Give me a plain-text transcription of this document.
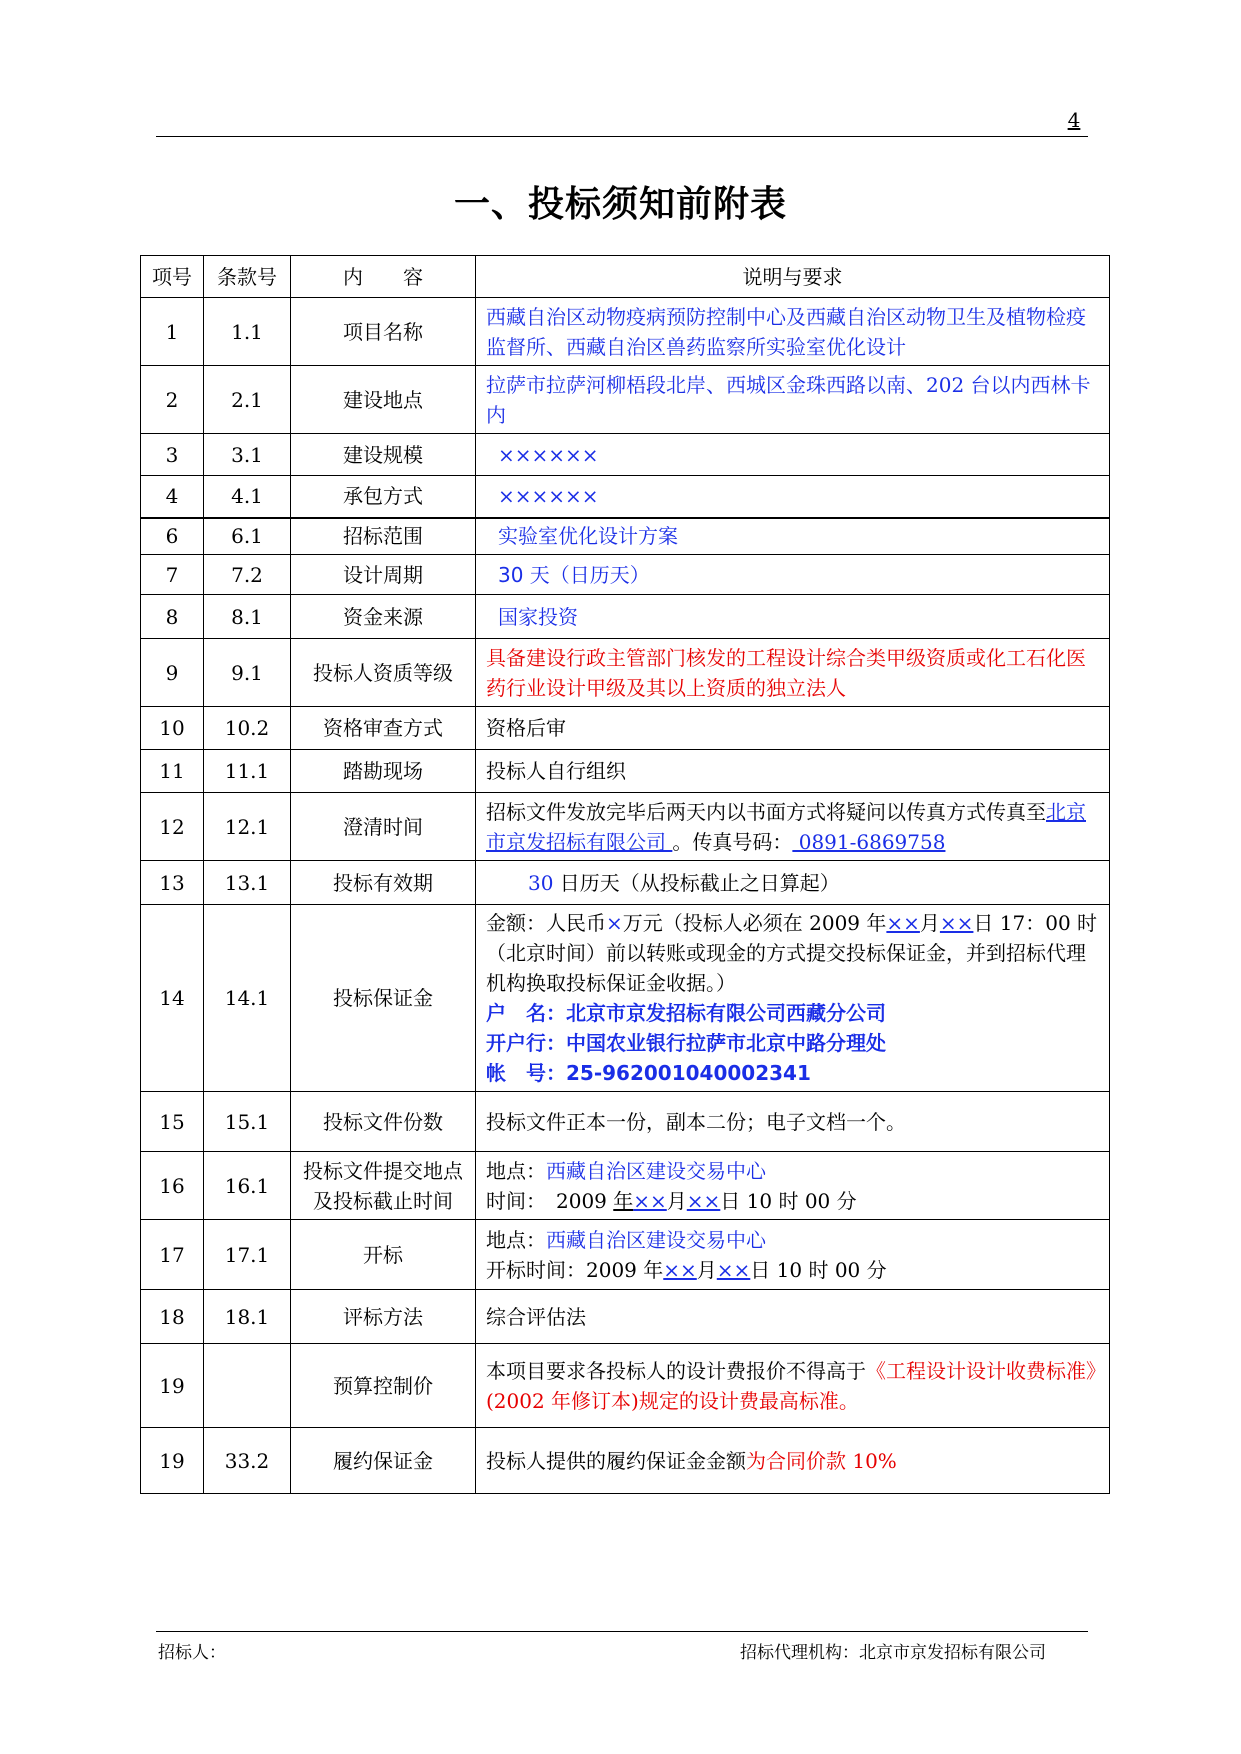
4
一、投标须知前附表
项号	条款号	内　　容	说明与要求
1	1.1	项目名称	西藏自治区动物疫病预防控制中心及西藏自治区动物卫生及植物检疫监督所、西藏自治区兽药监察所实验室优化设计
2	2.1	建设地点	拉萨市拉萨河柳梧段北岸、西城区金珠西路以南、202 台以内西林卡内
3	3.1	建设规模	××××××
4	4.1	承包方式	××××××
6	6.1	招标范围	实验室优化设计方案
7	7.2	设计周期	30 天（日历天）
8	8.1	资金来源	国家投资
9	9.1	投标人资质等级	具备建设行政主管部门核发的工程设计综合类甲级资质或化工石化医药行业设计甲级及其以上资质的独立法人
10	10.2	资格审查方式	资格后审
11	11.1	踏勘现场	投标人自行组织
12	12.1	澄清时间	招标文件发放完毕后两天内以书面方式将疑问以传真方式传真至北京市京发招标有限公司 。传真号码： 0891-6869758
13	13.1	投标有效期	30 日历天（从投标截止之日算起）
14	14.1	投标保证金	金额：人民币×万元（投标人必须在 2009 年××月××日 17：00 时（北京时间）前以转账或现金的方式提交投标保证金，并到招标代理机构换取投标保证金收据。）
户　名：北京市京发招标有限公司西藏分公司
开户行：中国农业银行拉萨市北京中路分理处
帐　号：25-962001040002341

15	15.1	投标文件份数	投标文件正本一份，副本二份；电子文档一个。
16	16.1	投标文件提交地点及投标截止时间	地点：西藏自治区建设交易中心
时间：　2009 年××月××日 10 时 00 分

17	17.1	开标	地点：西藏自治区建设交易中心
开标时间：2009 年××月××日 10 时 00 分

18	18.1	评标方法	综合评估法
19		预算控制价	本项目要求各投标人的设计费报价不得高于《工程设计设计收费标准》(2002 年修订本)规定的设计费最高标准。
19	33.2	履约保证金	投标人提供的履约保证金金额为合同价款 10%
招标人：	招标代理机构：北京市京发招标有限公司
